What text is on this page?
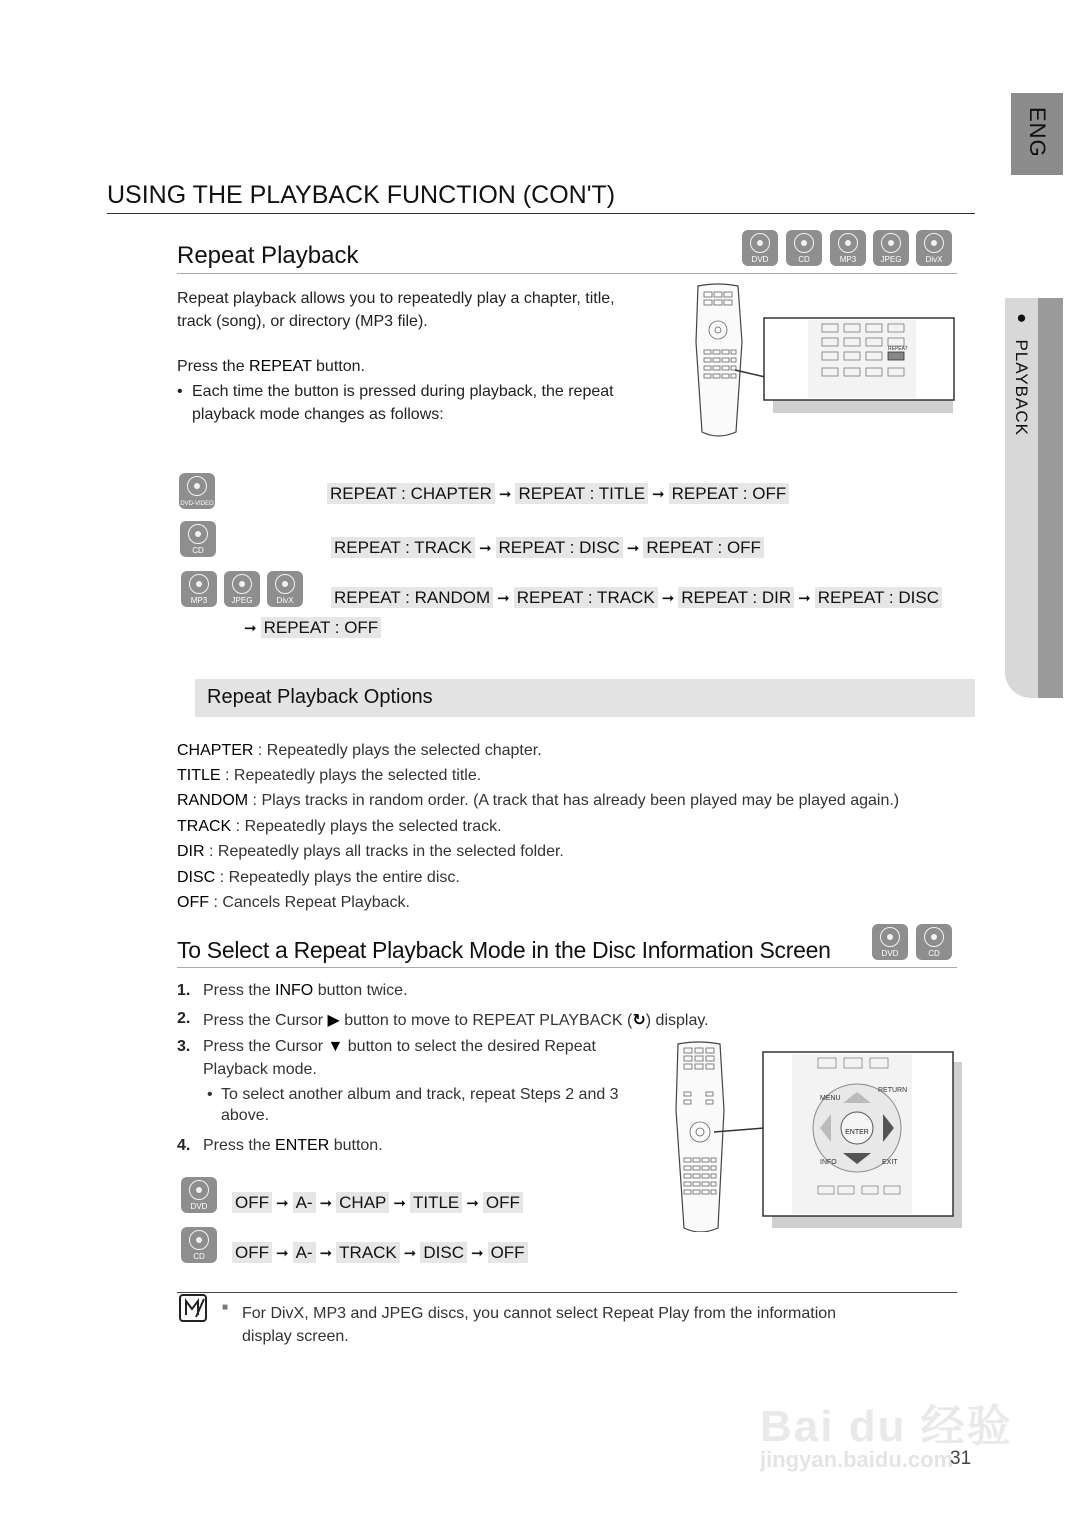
ENG
●  PLAYBACK
USING THE PLAYBACK FUNCTION (CON'T)
Repeat Playback	DVD	CD	MP3	JPEG	DivX
Repeat playback allows you to repeatedly play a chapter, title,
track (song), or directory (MP3 file).
Press the REPEAT button.
• Each time the button is pressed during playback, the repeat
playback mode changes as follows:
REPEAT
DVD-VIDEO
REPEAT : CHAPTER ➞ REPEAT : TITLE ➞ REPEAT : OFF
CD	REPEAT : TRACK ➞ REPEAT : DISC ➞ REPEAT : OFF
MP3	JPEG	DivX	REPEAT : RANDOM ➞ REPEAT : TRACK ➞ REPEAT : DIR ➞ REPEAT : DISC
➞ REPEAT : OFF
Repeat Playback Options
CHAPTER : Repeatedly plays the selected chapter.
TITLE : Repeatedly plays the selected title.
RANDOM : Plays tracks in random order. (A track that has already been played may be played again.)
TRACK : Repeatedly plays the selected track.
DIR : Repeatedly plays all tracks in the selected folder.
DISC : Repeatedly plays the entire disc.
OFF : Cancels Repeat Playback.
To Select a Repeat Playback Mode in the Disc Information Screen	DVD	CD
1. Press the INFO button twice.
2. Press the Cursor ▶ button to move to REPEAT PLAYBACK (↻) display.
3. Press the Cursor ▼ button to select the desired Repeat
Playback mode.
• To select another album and track, repeat Steps 2 and 3
above.
4. Press the ENTER button.
ENTER
MENU
RETURN
INFO	EXIT
DVD	OFF ➞ A- ➞ CHAP ➞ TITLE ➞ OFF
CD	OFF ➞ A- ➞ TRACK ➞ DISC ➞ OFF
■ For DivX, MP3 and JPEG discs, you cannot select Repeat Play from the information
display screen.
Bai du 经验
jingyan.baidu.com
31
